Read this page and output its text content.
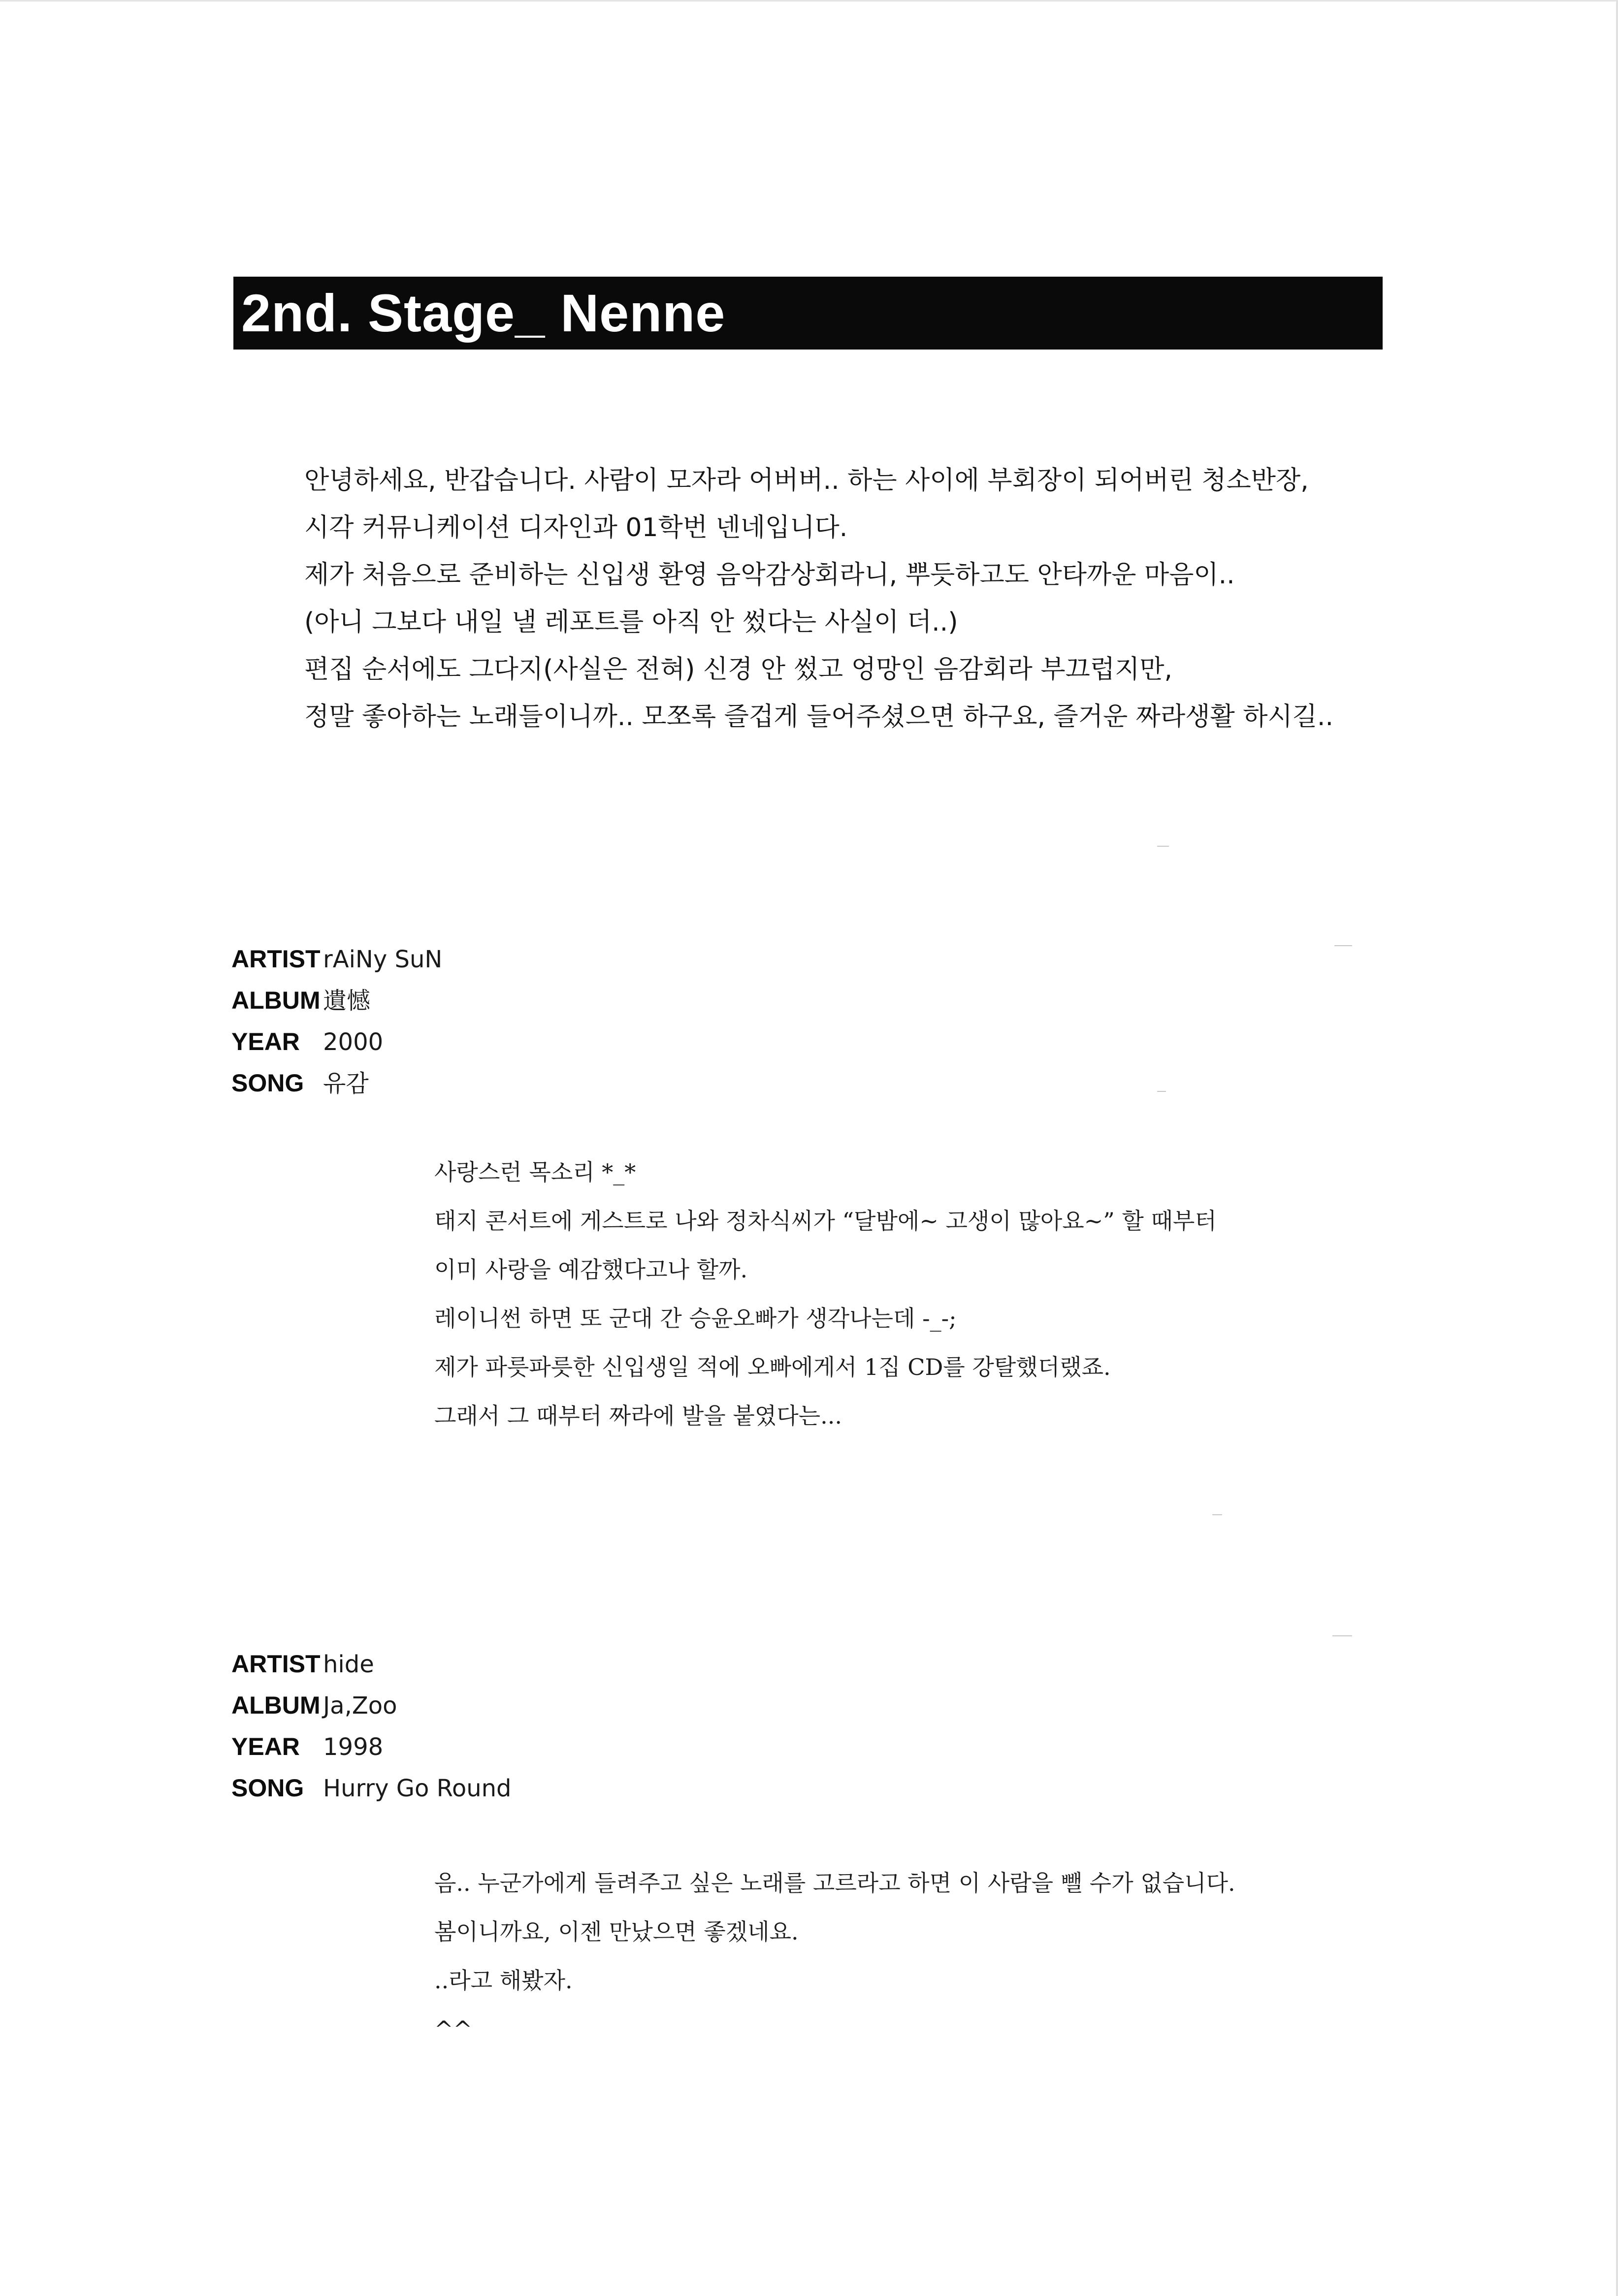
2nd. Stage_ Nenne
안녕하세요, 반갑습니다. 사람이 모자라 어버버.. 하는 사이에 부회장이 되어버린 청소반장,
시각 커뮤니케이션 디자인과 01학번 넨네입니다.
제가 처음으로 준비하는 신입생 환영 음악감상회라니, 뿌듯하고도 안타까운 마음이..
(아니 그보다 내일 낼 레포트를 아직 안 썼다는 사실이 더..)
편집 순서에도 그다지(사실은 전혀) 신경 안 썼고 엉망인 음감회라 부끄럽지만,
정말 좋아하는 노래들이니까.. 모쪼록 즐겁게 들어주셨으면 하구요, 즐거운 짜라생활 하시길..
ARTIST rAiNy SuN
ALBUM 遺憾
YEAR 2000
SONG 유감
사랑스런 목소리 *_*
태지 콘서트에 게스트로 나와 정차식씨가 “달밤에~ 고생이 많아요~” 할 때부터
이미 사랑을 예감했다고나 할까.
레이니썬 하면 또 군대 간 승윤오빠가 생각나는데 -_-;
제가 파릇파릇한 신입생일 적에 오빠에게서 1집 CD를 강탈했더랬죠.
그래서 그 때부터 짜라에 발을 붙였다는...
ARTIST hide
ALBUM Ja,Zoo
YEAR 1998
SONG Hurry Go Round
음.. 누군가에게 들려주고 싶은 노래를 고르라고 하면 이 사람을 뺄 수가 없습니다.
봄이니까요, 이젠 만났으면 좋겠네요.
..라고 해봤자.
^^
